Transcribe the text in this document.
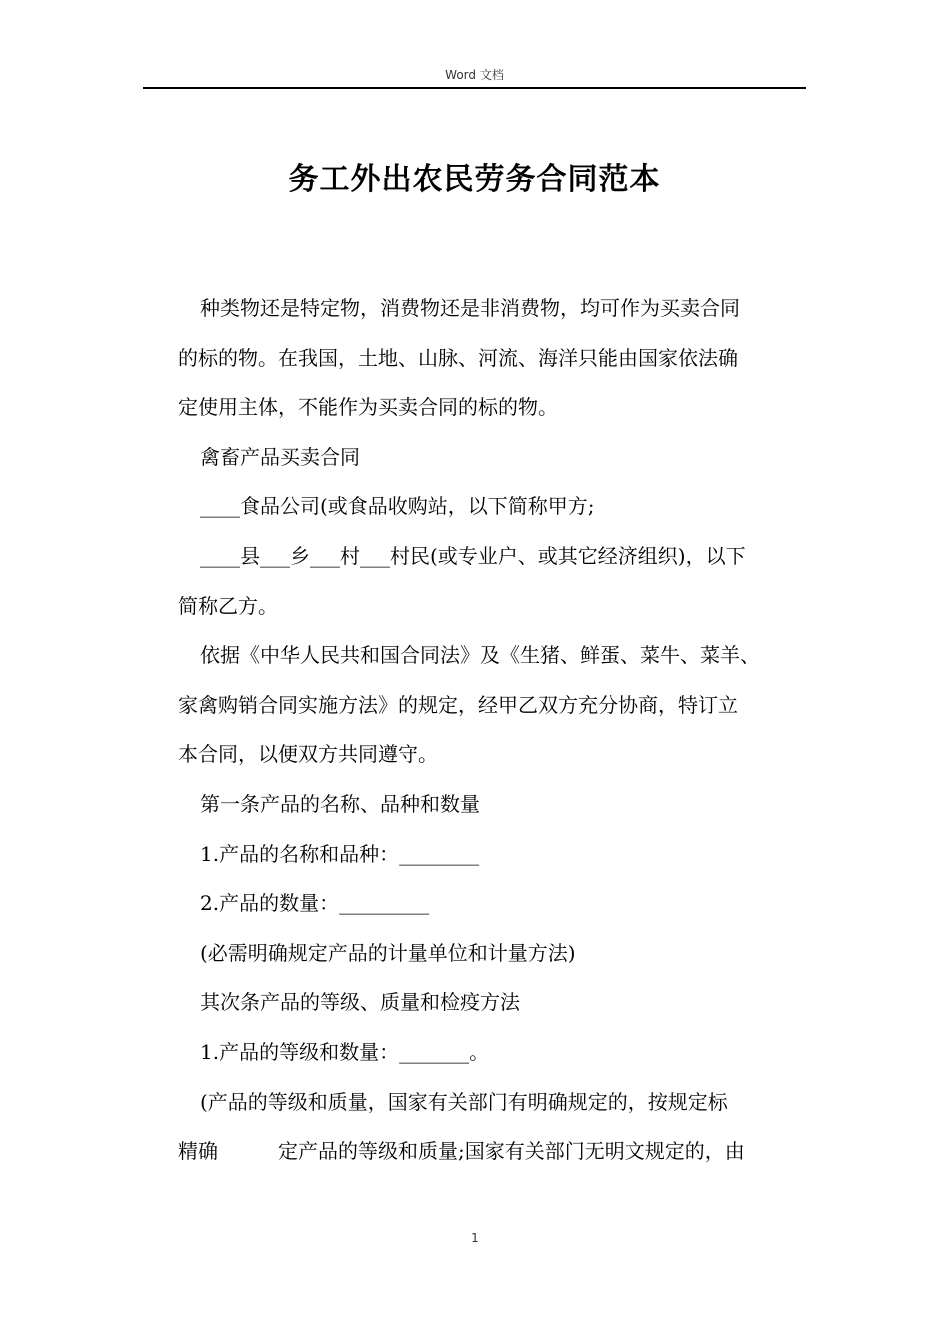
Word 文档
务工外出农民劳务合同范本

种类物还是特定物，消费物还是非消费物，均可作为买卖合同

的标的物。在我国，土地、山脉、河流、海洋只能由国家依法确

定使用主体，不能作为买卖合同的标的物。

禽畜产品买卖合同

____食品公司(或食品收购站，以下简称甲方;

____县___乡___村___村民(或专业户、或其它经济组织)，以下

简称乙方。

依据《中华人民共和国合同法》及《生猪、鲜蛋、菜牛、菜羊、

家禽购销合同实施方法》的规定，经甲乙双方充分协商，特订立

本合同，以便双方共同遵守。

第一条产品的名称、品种和数量

1.产品的名称和品种：________

2.产品的数量：_________

(必需明确规定产品的计量单位和计量方法)

其次条产品的等级、质量和检疫方法

1.产品的等级和数量：_______。

(产品的等级和质量，国家有关部门有明确规定的，按规定标

精确　　　定产品的等级和质量;国家有关部门无明文规定的，由

1
